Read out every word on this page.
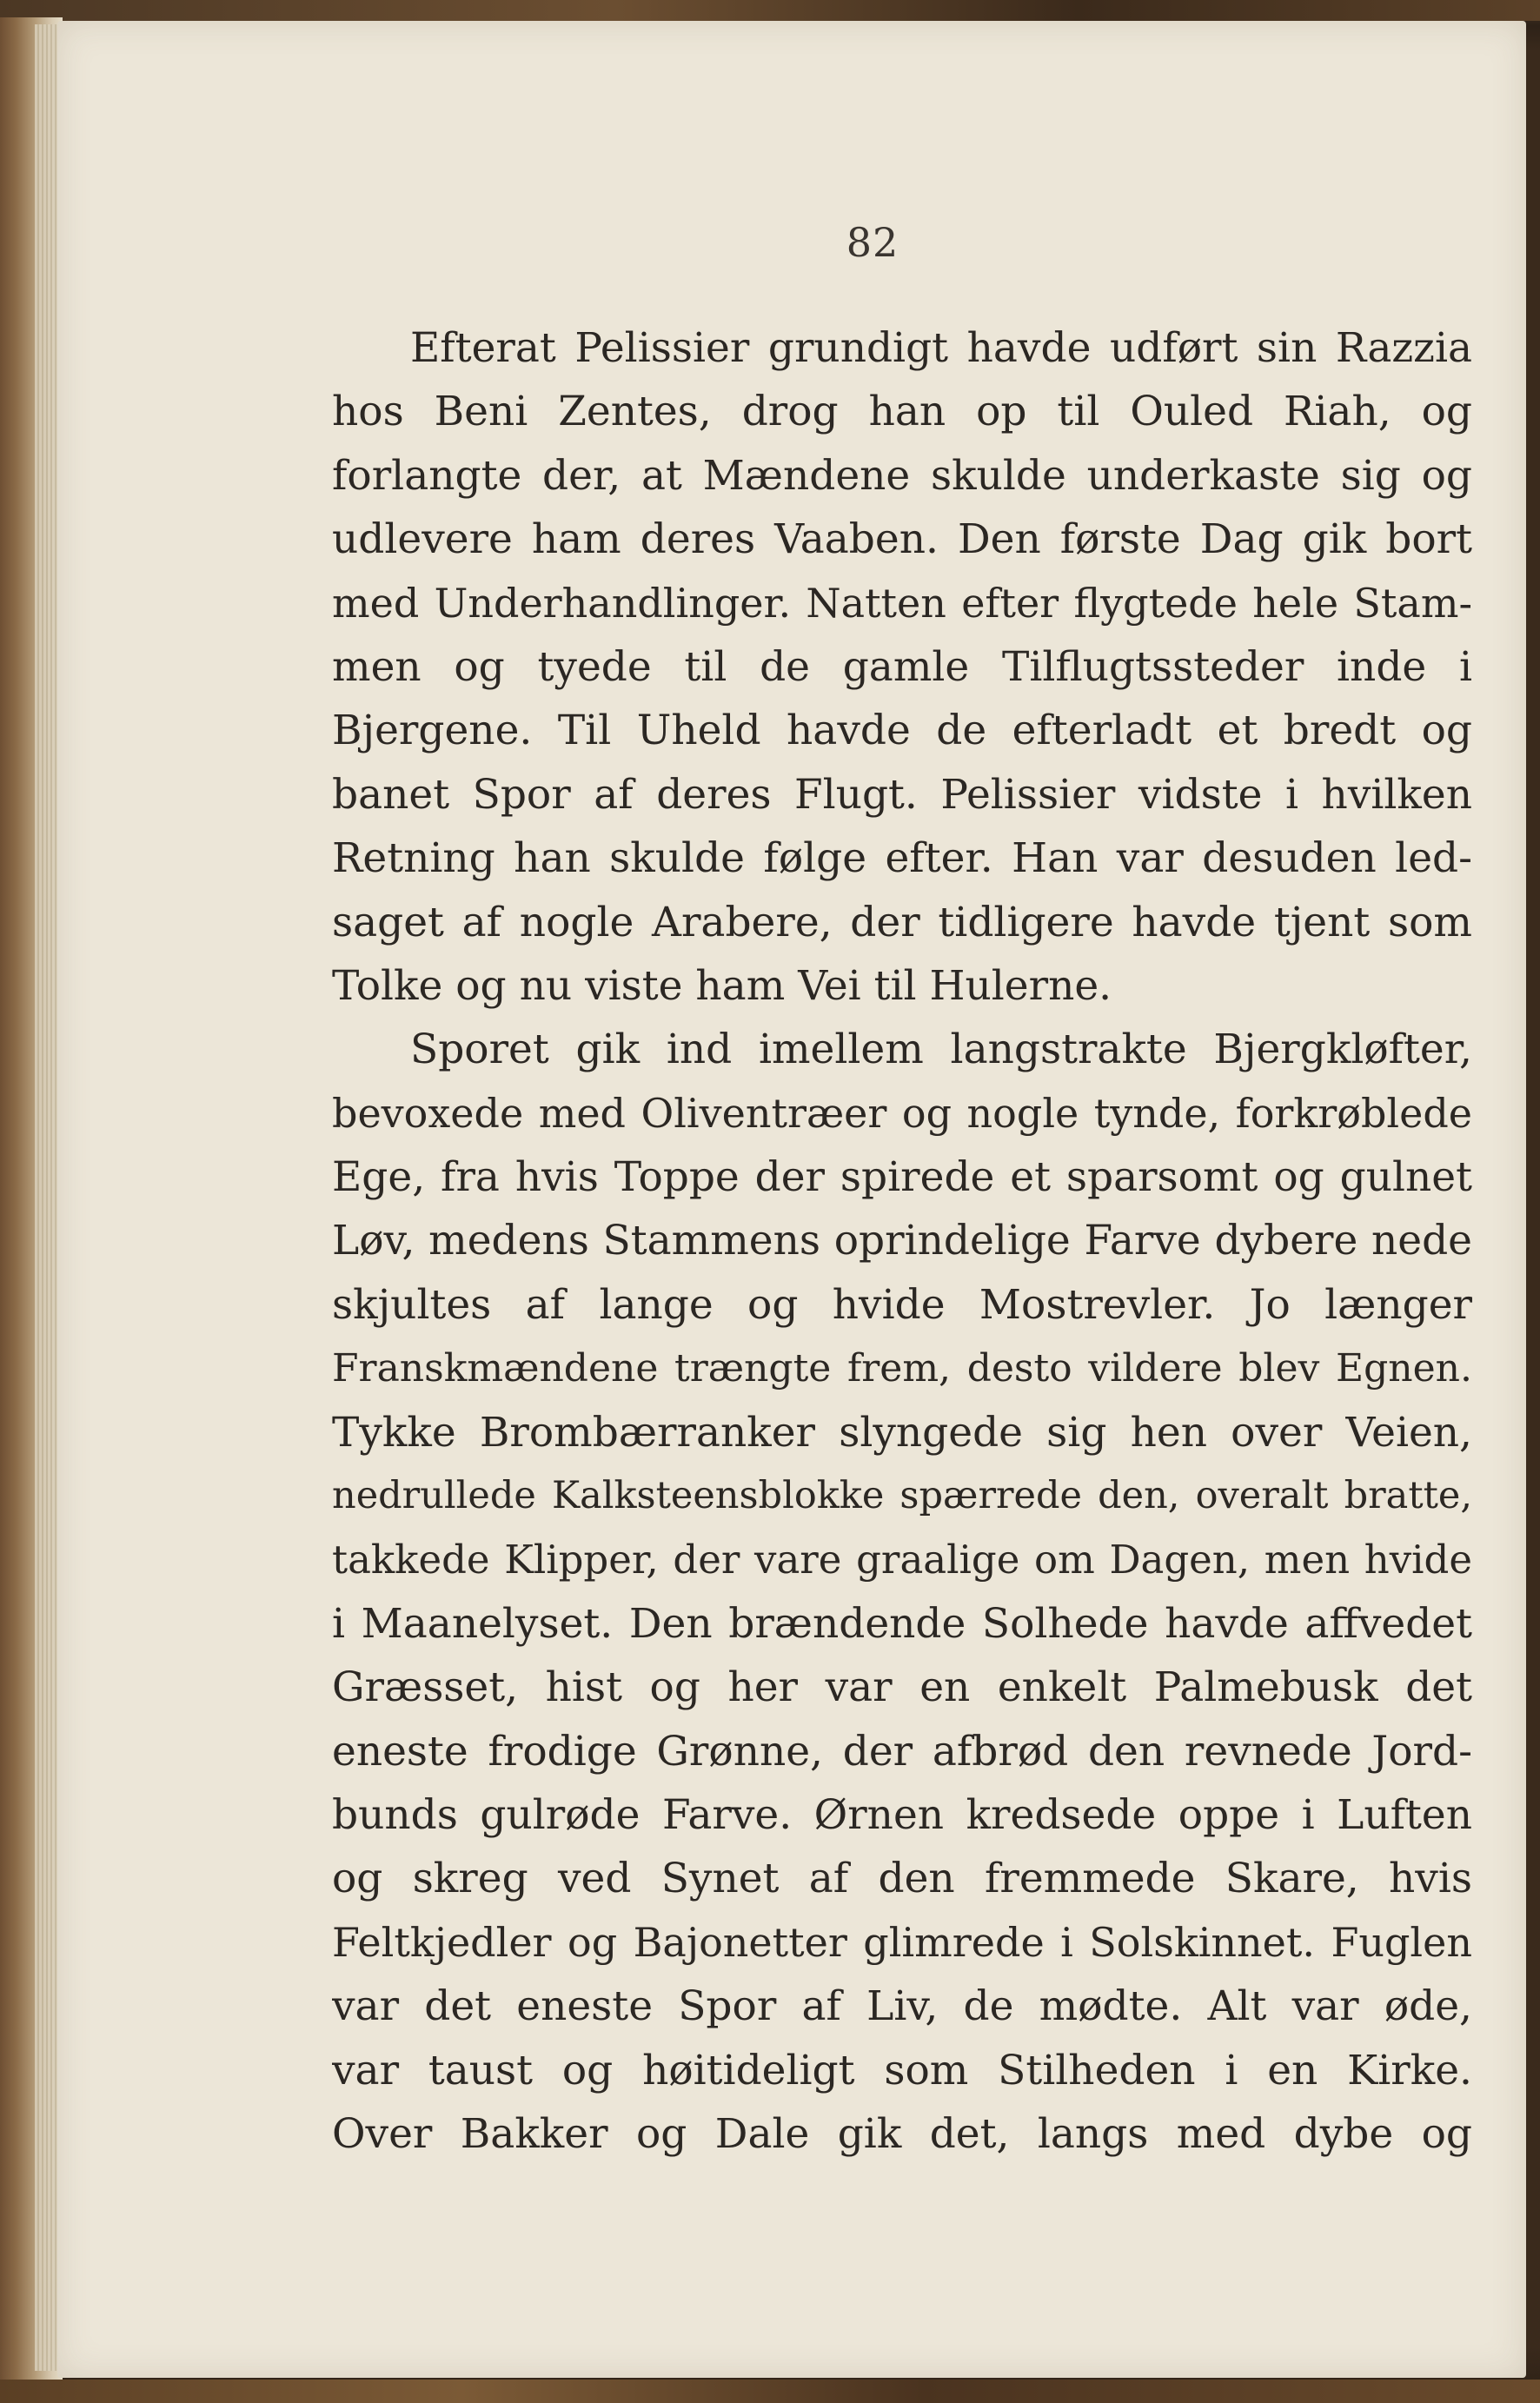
82
Efterat Pelissier grundigt havde udført sin Razzia
hos Beni Zentes, drog han op til Ouled Riah, og
forlangte der, at Mændene skulde underkaste sig og
udlevere ham deres Vaaben. Den første Dag gik bort
med Underhandlinger. Natten efter flygtede hele Stam-
men og tyede til de gamle Tilflugtssteder inde i
Bjergene. Til Uheld havde de efterladt et bredt og
banet Spor af deres Flugt. Pelissier vidste i hvilken
Retning han skulde følge efter. Han var desuden led-
saget af nogle Arabere, der tidligere havde tjent som
Tolke og nu viste ham Vei til Hulerne.
Sporet gik ind imellem langstrakte Bjergkløfter,
bevoxede med Oliventræer og nogle tynde, forkrøblede
Ege, fra hvis Toppe der spirede et sparsomt og gulnet
Løv, medens Stammens oprindelige Farve dybere nede
skjultes af lange og hvide Mostrevler. Jo længer
Franskmændene trængte frem, desto vildere blev Egnen.
Tykke Brombærranker slyngede sig hen over Veien,
nedrullede Kalksteensblokke spærrede den, overalt bratte,
takkede Klipper, der vare graalige om Dagen, men hvide
i Maanelyset. Den brændende Solhede havde affvedet
Græsset, hist og her var en enkelt Palmebusk det
eneste frodige Grønne, der afbrød den revnede Jord-
bunds gulrøde Farve. Ørnen kredsede oppe i Luften
og skreg ved Synet af den fremmede Skare, hvis
Feltkjedler og Bajonetter glimrede i Solskinnet. Fuglen
var det eneste Spor af Liv, de mødte. Alt var øde,
var taust og høitideligt som Stilheden i en Kirke.
Over Bakker og Dale gik det, langs med dybe og
